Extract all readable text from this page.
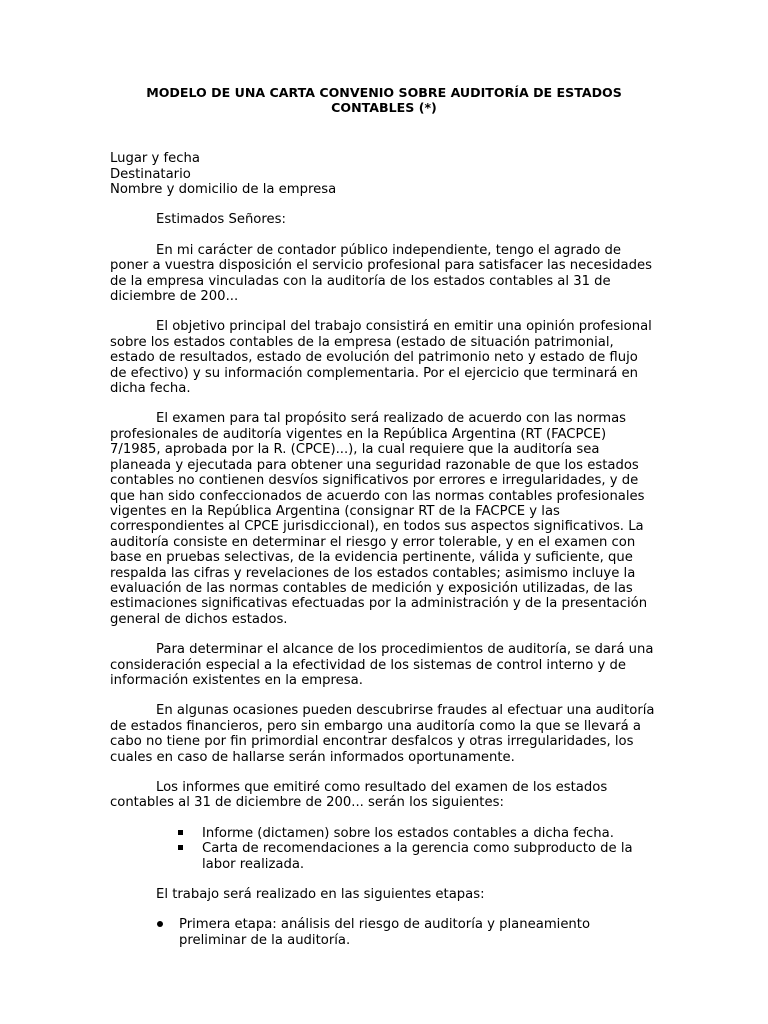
MODELO DE UNA CARTA CONVENIO SOBRE AUDITORÍA DE ESTADOS CONTABLES (*)
Lugar y fecha
Destinatario
Nombre y domicilio de la empresa

Estimados Señores:

En mi carácter de contador público independiente, tengo el agrado de poner a vuestra disposición el servicio profesional para satisfacer las necesidades de la empresa vinculadas con la auditoría de los estados contables al 31 de diciembre de 200...

El objetivo principal del trabajo consistirá en emitir una opinión profesional sobre los estados contables de la empresa (estado de situación patrimonial, estado de resultados, estado de evolución del patrimonio neto y estado de flujo de efectivo) y su información complementaria. Por el ejercicio que terminará en dicha fecha.

El examen para tal propósito será realizado de acuerdo con las normas profesionales de auditoría vigentes en la República Argentina (RT (FACPCE) 7/1985, aprobada por la R. (CPCE)...), la cual requiere que la auditoría sea planeada y ejecutada para obtener una seguridad razonable de que los estados contables no contienen desvíos significativos por errores e irregularidades, y de que han sido confeccionados de acuerdo con las normas contables profesionales vigentes en la República Argentina (consignar RT de la FACPCE y las correspondientes al CPCE jurisdiccional), en todos sus aspectos significativos. La auditoría consiste en determinar el riesgo y error tolerable, y en el examen con base en pruebas selectivas, de la evidencia pertinente, válida y suficiente, que respalda las cifras y revelaciones de los estados contables; asimismo incluye la evaluación de las normas contables de medición y exposición utilizadas, de las estimaciones significativas efectuadas por la administración y de la presentación general de dichos estados.

Para determinar el alcance de los procedimientos de auditoría, se dará una consideración especial a la efectividad de los sistemas de control interno y de información existentes en la empresa.

En algunas ocasiones pueden descubrirse fraudes al efectuar una auditoría de estados financieros, pero sin embargo una auditoría como la que se llevará a cabo no tiene por fin primordial encontrar desfalcos y otras irregularidades, los cuales en caso de hallarse serán informados oportunamente.

Los informes que emitiré como resultado del examen de los estados contables al 31 de diciembre de 200... serán los siguientes:

Informe (dictamen) sobre los estados contables a dicha fecha.
Carta de recomendaciones a la gerencia como subproducto de la labor realizada.

El trabajo será realizado en las siguientes etapas:

Primera etapa: análisis del riesgo de auditoría y planeamiento preliminar de la auditoría.
